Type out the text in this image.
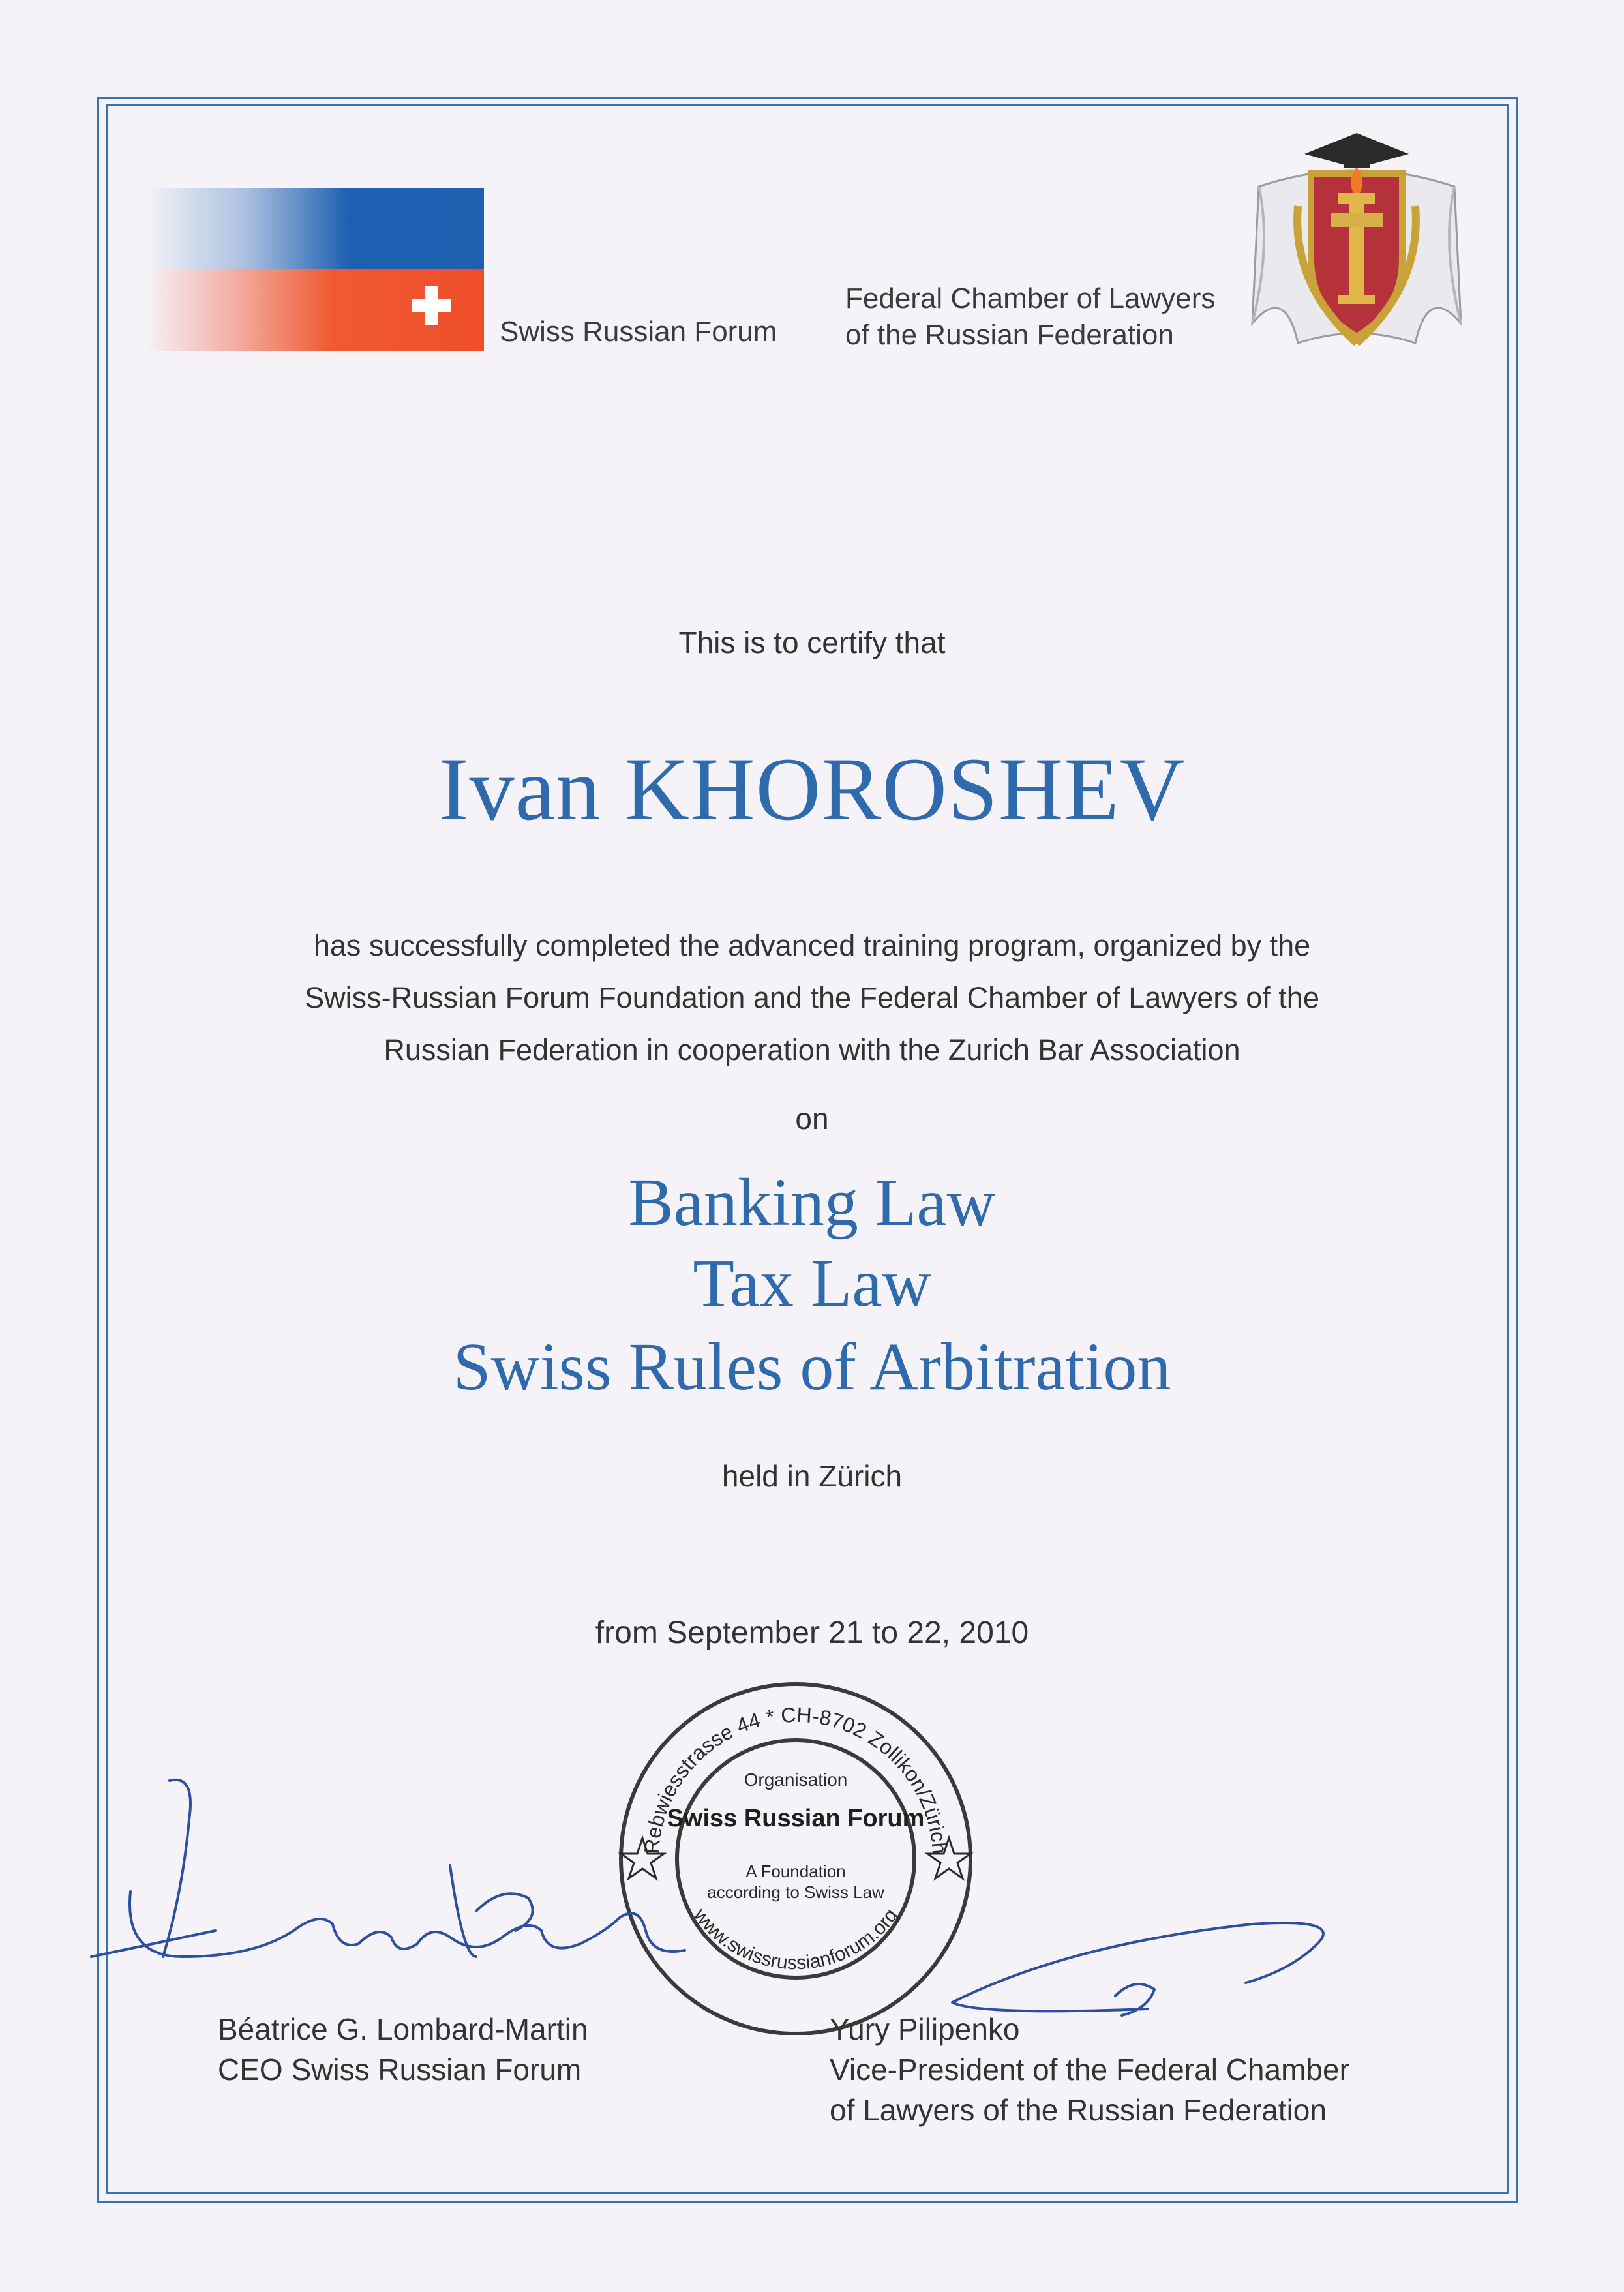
Swiss Russian Forum
Federal Chamber of Lawyers
of the Russian Federation
This is to certify that
Ivan KHOROSHEV
has successfully completed the advanced training program, organized by the
Swiss-Russian Forum Foundation and the Federal Chamber of Lawyers of the
Russian Federation in cooperation with the Zurich Bar Association
on
Banking Law
Tax Law
Swiss Rules of Arbitration
held in Zürich
from September 21 to 22, 2010
Rebwiesstrasse 44 * CH-8702 Zollikon/Zürich
www.swissrussianforum.org
Organisation
Swiss Russian Forum
A Foundation
according to Swiss Law
Béatrice G. Lombard-Martin
CEO Swiss Russian Forum
Yury Pilipenko
Vice-President of the Federal Chamber
of Lawyers of the Russian Federation
